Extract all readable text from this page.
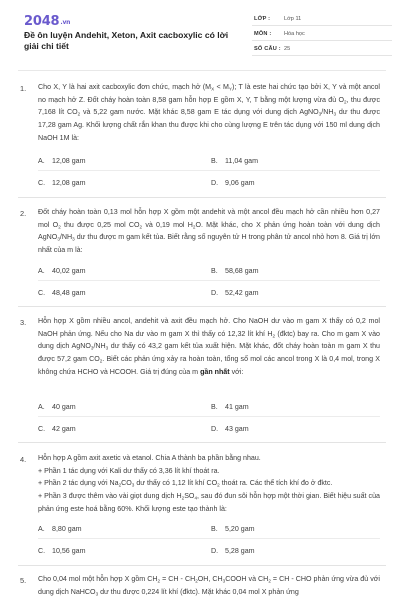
2048.vn
Đề ôn luyện Andehit, Xeton, Axit cacboxylic có lời giải chi tiết
LỚP : Lớp 11
MÔN : Hóa học
SỐ CÂU : 25
1. Cho X, Y là hai axit cacboxylic đơn chức, mạch hở $(M_X < M_Y)$; T là este hai chức tạo bởi X, Y và một ancol no mạch hở Z. Đốt cháy hoàn toàn 8,58 gam hỗn hợp E gồm X, Y, T bằng một lượng vừa đủ $O_2$, thu được 7,168 lít $CO_2$ và 5,22 gam nước. Mặt khác 8,58 gam E tác dụng với dung dịch $AgNO_3/NH_3$ dư thu được 17,28 gam Ag. Khối lượng chất rắn khan thu được khi cho cùng lượng E trên tác dụng với 150 ml dung dịch NaOH 1M là:
A. 12,08 gam	B. 11,04 gam
C. 12,08 gam	D. 9,06 gam
2. Đốt cháy hoàn toàn 0,13 mol hỗn hợp X gồm một andehit và một ancol đều mạch hở cần nhiều hơn 0,27 mol $O_2$ thu được 0,25 mol $CO_2$ và 0,19 mol $H_2O$. Mặt khác, cho X phản ứng hoàn toàn với dung dịch $AgNO_3/NH_3$ dư thu được m gam kết tủa. Biết rằng số nguyên tử H trong phân tử ancol nhỏ hơn 8. Giá trị lớn nhất của m là:
A. 40,02 gam	B. 58,68 gam
C. 48,48 gam	D. 52,42 gam
3. Hỗn hợp X gồm nhiều ancol, andehit và axit đều mạch hở. Cho NaOH dư vào m gam X thấy có 0,2 mol NaOH phản ứng. Nếu cho Na dư vào m gam X thì thấy có 12,32 lít khí $H_2$ (đktc) bay ra. Cho m gam X vào dung dịch $AgNO_3/NH_3$ dư thấy có 43,2 gam kết tủa xuất hiện. Mặt khác, đốt cháy hoàn toàn m gam X thu được 57,2 gam $CO_2$. Biết các phản ứng xảy ra hoàn toàn, tổng số mol các ancol trong X là 0,4 mol, trong X không chứa HCHO và HCOOH. Giá trị đúng của m gần nhất với:
A. 40 gam	B. 41 gam
C. 42 gam	D. 43 gam
4. Hỗn hợp A gồm axit axetic và etanol. Chia A thành ba phần bằng nhau.
+ Phần 1 tác dụng với Kali dư thấy có 3,36 lít khí thoát ra.
+ Phần 2 tác dụng với $Na_2CO_3$ dư thấy có 1,12 lít khí $CO_2$ thoát ra. Các thể tích khí đo ở đktc.
+ Phần 3 được thêm vào vài giọt dung dịch $H_2SO_4$, sau đó đun sôi hỗn hợp một thời gian. Biết hiệu suất của phản ứng este hoá bằng 60%. Khối lượng este tạo thành là:
A. 8,80 gam	B. 5,20 gam
C. 10,56 gam	D. 5,28 gam
5. Cho 0,04 mol một hỗn hợp X gồm $CH_2$ = CH - $CH_2OH$, $CH_3COOH$ và $CH_2$ = CH - CHO phản ứng vừa đủ với dung dịch NaHCO$_3$ dư thu được 0,224 lít khí (đktc). Mặt khác 0,04 mol X phản ứng
